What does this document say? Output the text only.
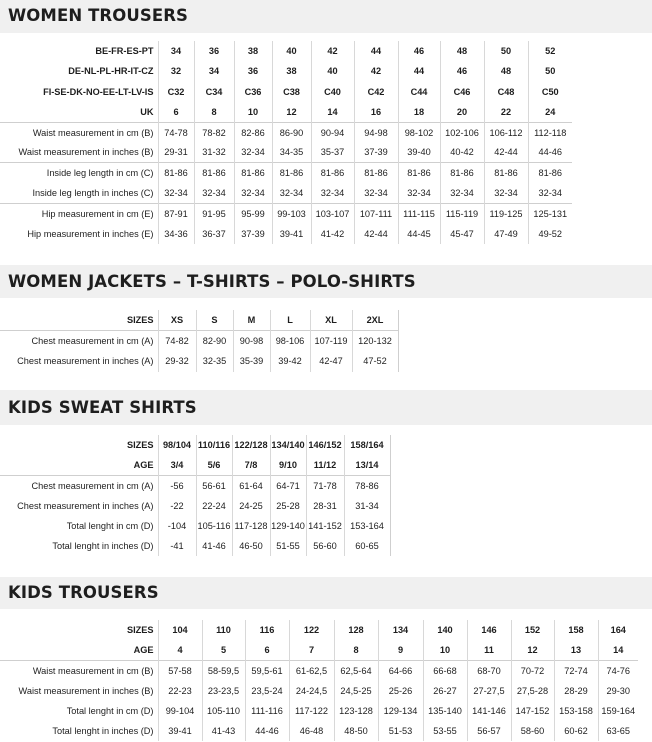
WOMEN TROUSERS
BE-FR-ES-PT	34	36	38	40	42	44	46	48	50	52
DE-NL-PL-HR-IT-CZ	32	34	36	38	40	42	44	46	48	50
FI-SE-DK-NO-EE-LT-LV-IS	C32	C34	C36	C38	C40	C42	C44	C46	C48	C50
UK	6	8	10	12	14	16	18	20	22	24
Waist measurement in cm (B)	74-78	78-82	82-86	86-90	90-94	94-98	98-102	102-106	106-112	112-118
Waist measurement in inches (B)	29-31	31-32	32-34	34-35	35-37	37-39	39-40	40-42	42-44	44-46
Inside leg length in cm (C)	81-86	81-86	81-86	81-86	81-86	81-86	81-86	81-86	81-86	81-86
Inside leg length in inches (C)	32-34	32-34	32-34	32-34	32-34	32-34	32-34	32-34	32-34	32-34
Hip measurement in cm (E)	87-91	91-95	95-99	99-103	103-107	107-111	111-115	115-119	119-125	125-131
Hip measurement in inches (E)	34-36	36-37	37-39	39-41	41-42	42-44	44-45	45-47	47-49	49-52
WOMEN JACKETS – T-SHIRTS – POLO-SHIRTS
SIZES	XS	S	M	L	XL	2XL
Chest measurement in cm (A)	74-82	82-90	90-98	98-106	107-119	120-132
Chest measurement in inches (A)	29-32	32-35	35-39	39-42	42-47	47-52
KIDS SWEAT SHIRTS
SIZES	98/104	110/116	122/128	134/140	146/152	158/164
AGE	3/4	5/6	7/8	9/10	11/12	13/14
Chest measurement in cm (A)	-56	56-61	61-64	64-71	71-78	78-86
Chest measurement in inches (A)	-22	22-24	24-25	25-28	28-31	31-34
Total lenght in cm (D)	-104	105-116	117-128	129-140	141-152	153-164
Total lenght in inches (D)	-41	41-46	46-50	51-55	56-60	60-65
KIDS TROUSERS
SIZES	104	110	116	122	128	134	140	146	152	158	164
AGE	4	5	6	7	8	9	10	11	12	13	14
Waist measurement in cm (B)	57-58	58-59,5	59,5-61	61-62,5	62,5-64	64-66	66-68	68-70	70-72	72-74	74-76
Waist measurement in inches (B)	22-23	23-23,5	23,5-24	24-24,5	24,5-25	25-26	26-27	27-27,5	27,5-28	28-29	29-30
Total lenght in cm (D)	99-104	105-110	111-116	117-122	123-128	129-134	135-140	141-146	147-152	153-158	159-164
Total lenght in inches (D)	39-41	41-43	44-46	46-48	48-50	51-53	53-55	56-57	58-60	60-62	63-65
